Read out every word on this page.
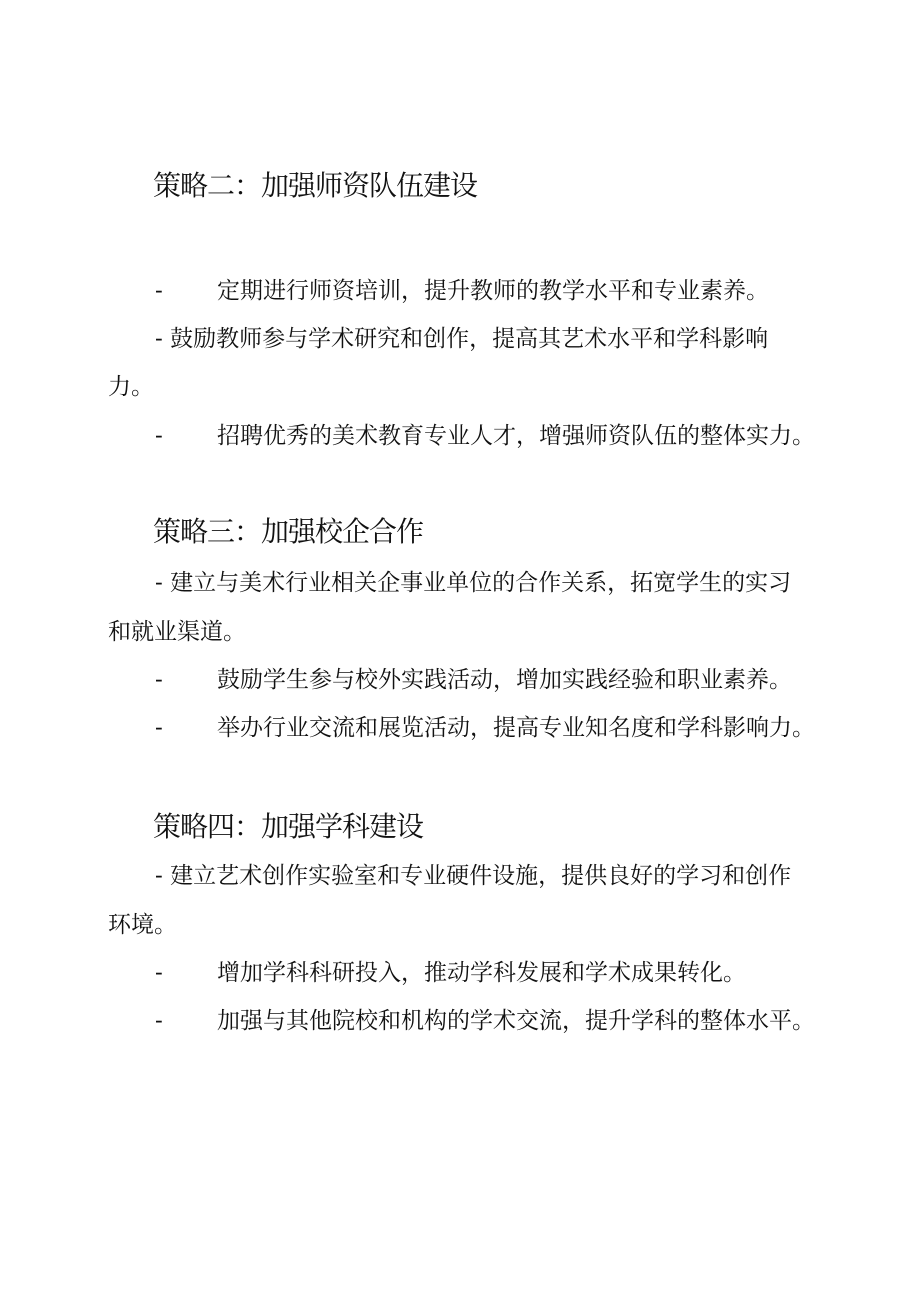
策略二：加强师资队伍建设
- 定期进行师资培训，提升教师的教学水平和专业素养。
- 鼓励教师参与学术研究和创作，提高其艺术水平和学科影响
力。
- 招聘优秀的美术教育专业人才，增强师资队伍的整体实力。
策略三：加强校企合作
- 建立与美术行业相关企事业单位的合作关系，拓宽学生的实习
和就业渠道。
- 鼓励学生参与校外实践活动，增加实践经验和职业素养。
- 举办行业交流和展览活动，提高专业知名度和学科影响力。
策略四：加强学科建设
- 建立艺术创作实验室和专业硬件设施，提供良好的学习和创作
环境。
- 增加学科科研投入，推动学科发展和学术成果转化。
- 加强与其他院校和机构的学术交流，提升学科的整体水平。
